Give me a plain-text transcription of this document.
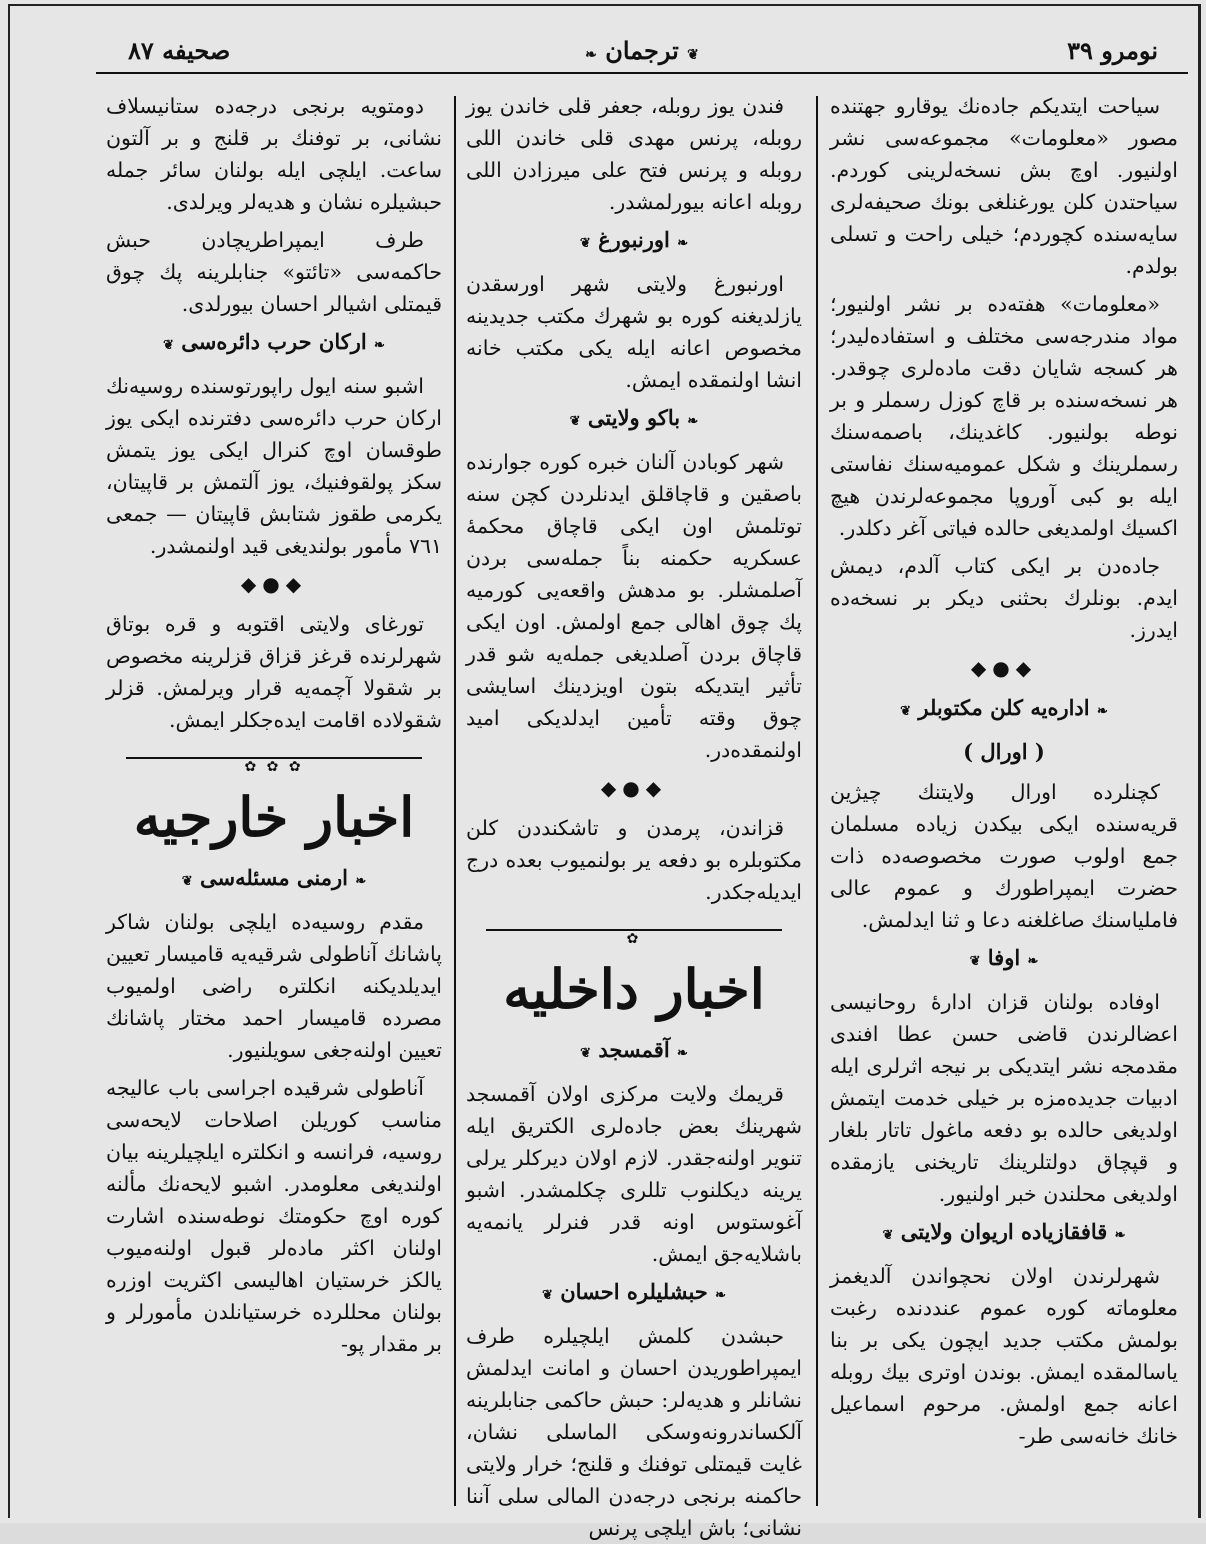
صحیفه ٨٧	❦ ترجمان ❧	نومرو ٣٩

سیاحت ایتدیکم جاده‌نك یوقارو جهتنده مصور «معلومات» مجموعه‌سی نشر اولنیور. اوچ بش نسخه‌لرینی کوردم. سیاحتدن کلن یورغنلغی بونك صحیفه‌لری سایه‌سنده کچوردم؛ خیلی راحت و تسلی بولدم.

«معلومات» هفته‌ده بر نشر اولنیور؛ مواد مندرجه‌سی مختلف و استفاده‌لیدر؛ هر کسجه شایان دقت ماده‌لری چوقدر. هر نسخه‌سنده بر قاچ کوزل رسملر و بر نوطه بولنیور. کاغدینك، باصمه‌سنك رسملرینك و شکل عمومیه‌سنك نفاستی ایله بو کبی آوروپا مجموعه‌لرندن هیچ اکسیك اولمدیغی حالده فیاتی آغر دکلدر.

جاده‌دن بر ایکی کتاب آلدم، دیمش ایدم. بونلرك بحثنی دیکر بر نسخه‌ده ایدرز.

◆●◆
❧ اداره‌یه کلن مکتوبلر ❦
( اورال )

کچنلرده اورال ولایتنك چیژین قریه‌سنده ایکی بیکدن زیاده مسلمان جمع اولوب صورت مخصوصه‌ده ذات حضرت ایمپراطورك و عموم عالی فاملیاسنك صاغلغنه دعا و ثنا ایدلمش.

❧ اوفا ❦

اوفاده بولنان قزان ادارهٔ روحانیسی اعضالرندن قاضی حسن عطا افندی مقدمجه نشر ایتدیکی بر نیجه اثرلری ایله ادبیات جدیده‌مزه بر خیلی خدمت ایتمش اولدیغی حالده بو دفعه ماغول تاتار بلغار و قپچاق دولتلرینك تاریخنی یازمقده اولدیغی محلندن خبر اولنیور.

❧ قافقازیاده اریوان ولایتی ❦

شهرلرندن اولان نحچواندن آلدیغمز معلوماته کوره عموم عنددنده رغبت بولمش مکتب جدید ایچون یکی بر بنا یاسالمقده ایمش. بوندن اوتری بیك روبله اعانه جمع اولمش. مرحوم اسماعیل خانك خانه‌سی طر-

فندن یوز روبله، جعفر قلی خاندن یوز روبله، پرنس مهدی قلی خاندن اللی روبله و پرنس فتح علی میرزادن اللی روبله اعانه بیورلمشدر.

❧ اورنبورغ ❦

اورنبورغ ولایتی شهر اورسقدن یازلدیغنه کوره بو شهرك مکتب جدیدینه مخصوص اعانه ایله یکی مکتب خانه انشا اولنمقده ایمش.

❧ باکو ولایتی ❦

شهر کوبادن آلنان خبره کوره جوارنده باصقین و قاچاقلق ایدنلردن کچن سنه توتلمش اون ایکی قاچاق محکمهٔ عسکریه حکمنه بناً جمله‌سی بردن آصلمشلر. بو مدهش واقعه‌یی کورمیه پك چوق اهالی جمع اولمش. اون ایکی قاچاق بردن آصلدیغی جمله‌یه شو قدر تأثیر ایتدیکه بتون اویزدینك اسایشی چوق وقته تأمین ایدلدیکی امید اولنمقده‌در.

◆●◆

قزاندن، پرمدن و تاشکنددن کلن مکتوبلره بو دفعه یر بولنمیوب بعده درج ایدیله‌جکدر.

✿
اخبار داخلیه
❧ آقمسجد ❦

قریمك ولایت مرکزی اولان آقمسجد شهرینك بعض جاده‌لری الکتریق ایله تنویر اولنه‌جقدر. لازم اولان دیرکلر یرلی یرینه دیکلنوب تللری چکلمشدر. اشبو آغوستوس اونه قدر فنرلر یانمه‌یه باشلایه‌جق ایمش.

❧ حبشلیلره احسان ❦

حبشدن کلمش ایلچیلره طرف ایمپراطوریدن احسان و امانت ایدلمش نشانلر و هدیه‌لر: حبش حاکمی جنابلرینه آلکساندرونه‌وسکی الماسلی نشان، غایت قیمتلی توفنك و قلنج؛ خرار ولایتی حاکمنه برنجی درجه‌دن المالی سلی آننا نشانی؛ باش ایلچی پرنس

دومتویه برنجی درجه‌ده ستانیسلاف نشانی، بر توفنك بر قلنج و بر آلتون ساعت. ایلچی ایله بولنان سائر جمله حبشیلره نشان و هدیه‌لر ویرلدی.

طرف ایمپراطریچادن حبش حاکمه‌سی «تائتو» جنابلرینه پك چوق قیمتلی اشیالر احسان بیورلدی.

❧ ارکان حرب دائره‌سی ❦

اشبو سنه ایول راپورتوسنده روسیه‌نك ارکان حرب دائره‌سی دفترنده ایکی یوز طوقسان اوچ کنرال ایکی یوز یتمش سکز پولقوفنیك، یوز آلتمش بر قاپیتان، یکرمی طقوز شتابش قاپیتان — جمعی ٧٦١ مأمور بولندیغی قید اولنمشدر.

◆●◆

تورغای ولایتی اقتوبه و قره بوتاق شهرلرنده قرغز قزاق قزلرینه مخصوص بر شقولا آچمه‌یه قرار ویرلمش. قزلر شقولاده اقامت ایده‌جکلر ایمش.

✿ ✿ ✿
اخبار خارجیه
❧ ارمنی مسئله‌سی ❦

مقدم روسیه‌ده ایلچی بولنان شاکر پاشانك آناطولی شرقیه‌یه قامیسار تعیین ایدیلدیکنه انکلتره راضی اولمیوب مصرده قامیسار احمد مختار پاشانك تعیین اولنه‌جغی سویلنیور.

آناطولی شرقیده اجراسی باب عالیجه مناسب کوریلن اصلاحات لایحه‌سی روسیه، فرانسه و انکلتره ایلچیلرینه بیان اولندیغی معلومدر. اشبو لایحه‌نك مألنه کوره اوچ حکومتك نوطه‌سنده اشارت اولنان اکثر ماده‌لر قبول اولنه‌میوب یالکز خرستیان اهالیسی اکثریت اوزره بولنان محللرده خرستیانلدن مأمورلر و بر مقدار پو-
